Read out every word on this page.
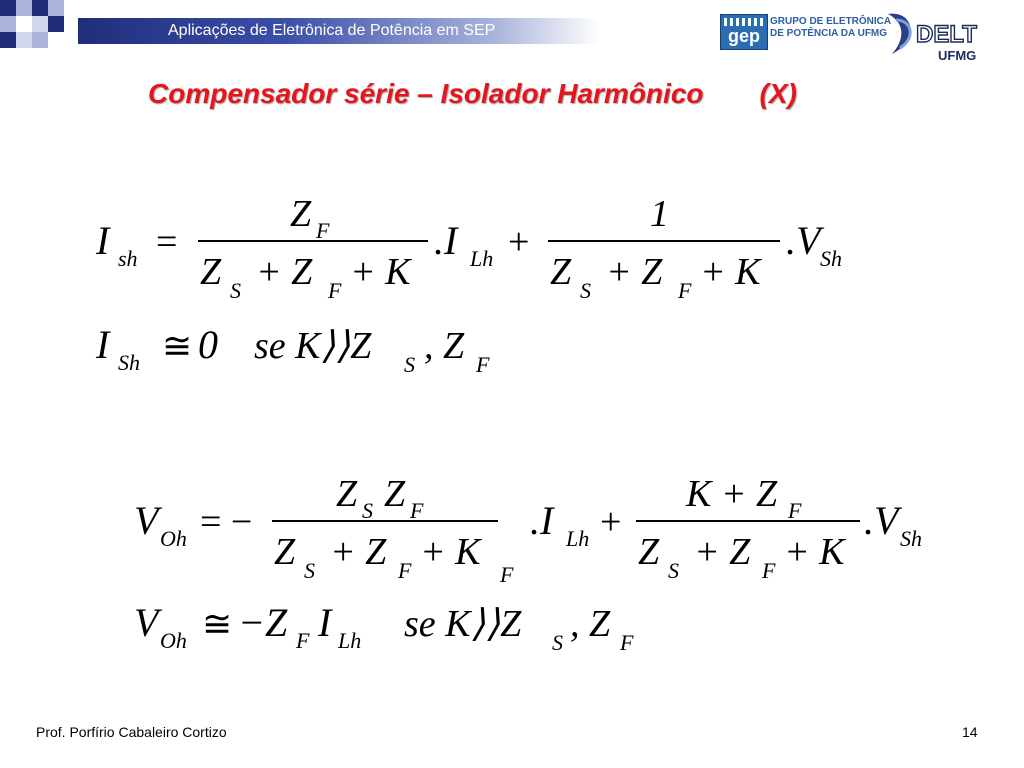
Aplicações de Eletrônica de Potência em SEP	gep
GRUPO DE ELETRÔNICA
DE POTÊNCIA DA UFMG DELT
UFMG
Compensador série – Isolador Harmônico (X)
I sh =
Z F
Z S + Z F + K
.I Lh +
1
Z S + Z F + K
.V Sh
I Sh ≅ 0 se K⟩⟩Z S , Z F
V Oh = −
Z S Z F
Z S + Z F + K
F
.I Lh +
K + Z F
Z S + Z F + K
.V Sh
V Oh ≅ −Z F I Lh se K⟩⟩Z S , Z F
Prof. Porfírio Cabaleiro Cortizo	14
